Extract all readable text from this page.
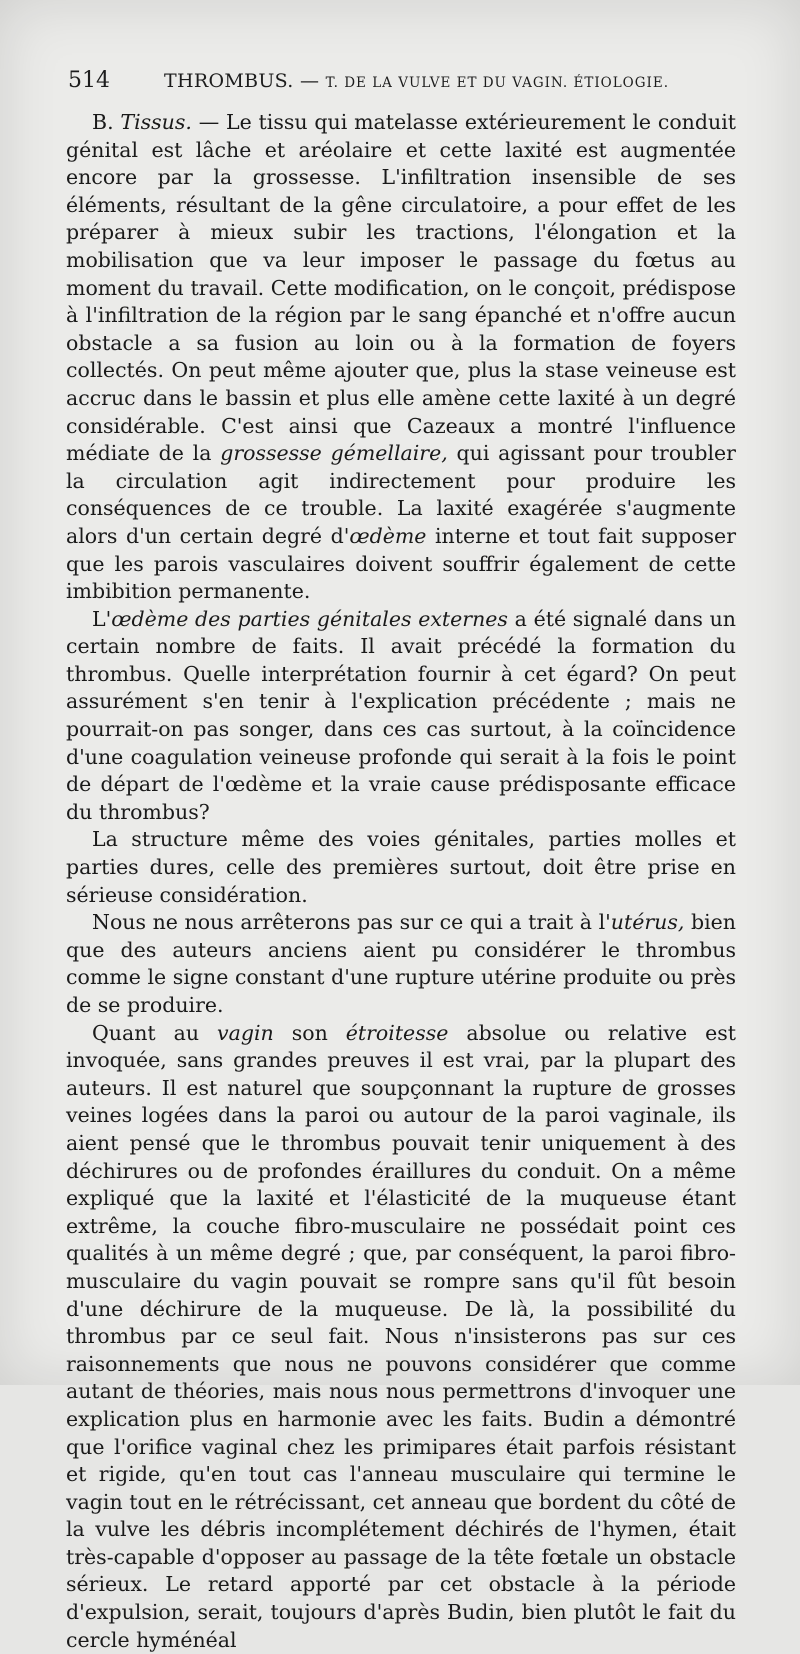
514	THROMBUS. — T. DE LA VULVE ET DU VAGIN. ÉTIOLOGIE.

B. Tissus. — Le tissu qui matelasse extérieurement le conduit génital est lâche et aréolaire et cette laxité est augmentée encore par la grossesse. L'infiltration insensible de ses éléments, résultant de la gêne circulatoire, a pour effet de les préparer à mieux subir les tractions, l'élongation et la mobilisation que va leur imposer le passage du fœtus au moment du travail. Cette modification, on le conçoit, prédispose à l'infiltration de la région par le sang épanché et n'offre aucun obstacle a sa fusion au loin ou à la formation de foyers collectés. On peut même ajouter que, plus la stase veineuse est accruc dans le bassin et plus elle amène cette laxité à un degré considérable. C'est ainsi que Cazeaux a montré l'influence médiate de la grossesse gémellaire, qui agissant pour troubler la circulation agit indirectement pour produire les conséquences de ce trouble. La laxité exagérée s'augmente alors d'un certain degré d'œdème interne et tout fait supposer que les parois vasculaires doivent souffrir également de cette imbibition permanente.

L'œdème des parties génitales externes a été signalé dans un certain nombre de faits. Il avait précédé la formation du thrombus. Quelle interprétation fournir à cet égard? On peut assurément s'en tenir à l'explication précédente ; mais ne pourrait-on pas songer, dans ces cas surtout, à la coïncidence d'une coagulation veineuse profonde qui serait à la fois le point de départ de l'œdème et la vraie cause prédisposante efficace du thrombus?

La structure même des voies génitales, parties molles et parties dures, celle des premières surtout, doit être prise en sérieuse considération.

Nous ne nous arrêterons pas sur ce qui a trait à l'utérus, bien que des auteurs anciens aient pu considérer le thrombus comme le signe constant d'une rupture utérine produite ou près de se produire.

Quant au vagin son étroitesse absolue ou relative est invoquée, sans grandes preuves il est vrai, par la plupart des auteurs. Il est naturel que soupçonnant la rupture de grosses veines logées dans la paroi ou autour de la paroi vaginale, ils aient pensé que le thrombus pouvait tenir uniquement à des déchirures ou de profondes éraillures du conduit. On a même expliqué que la laxité et l'élasticité de la muqueuse étant extrême, la couche fibro-musculaire ne possédait point ces qualités à un même degré ; que, par conséquent, la paroi fibro-musculaire du vagin pouvait se rompre sans qu'il fût besoin d'une déchirure de la muqueuse. De là, la possibilité du thrombus par ce seul fait. Nous n'insisterons pas sur ces raisonnements que nous ne pouvons considérer que comme autant de théories, mais nous nous permettrons d'invoquer une explication plus en harmonie avec les faits. Budin a démontré que l'orifice vaginal chez les primipares était parfois résistant et rigide, qu'en tout cas l'anneau musculaire qui termine le vagin tout en le rétrécissant, cet anneau que bordent du côté de la vulve les débris incomplétement déchirés de l'hymen, était très-capable d'opposer au passage de la tête fœtale un obstacle sérieux. Le retard apporté par cet obstacle à la période d'expulsion, serait, toujours d'après Budin, bien plutôt le fait du cercle hyménéal
